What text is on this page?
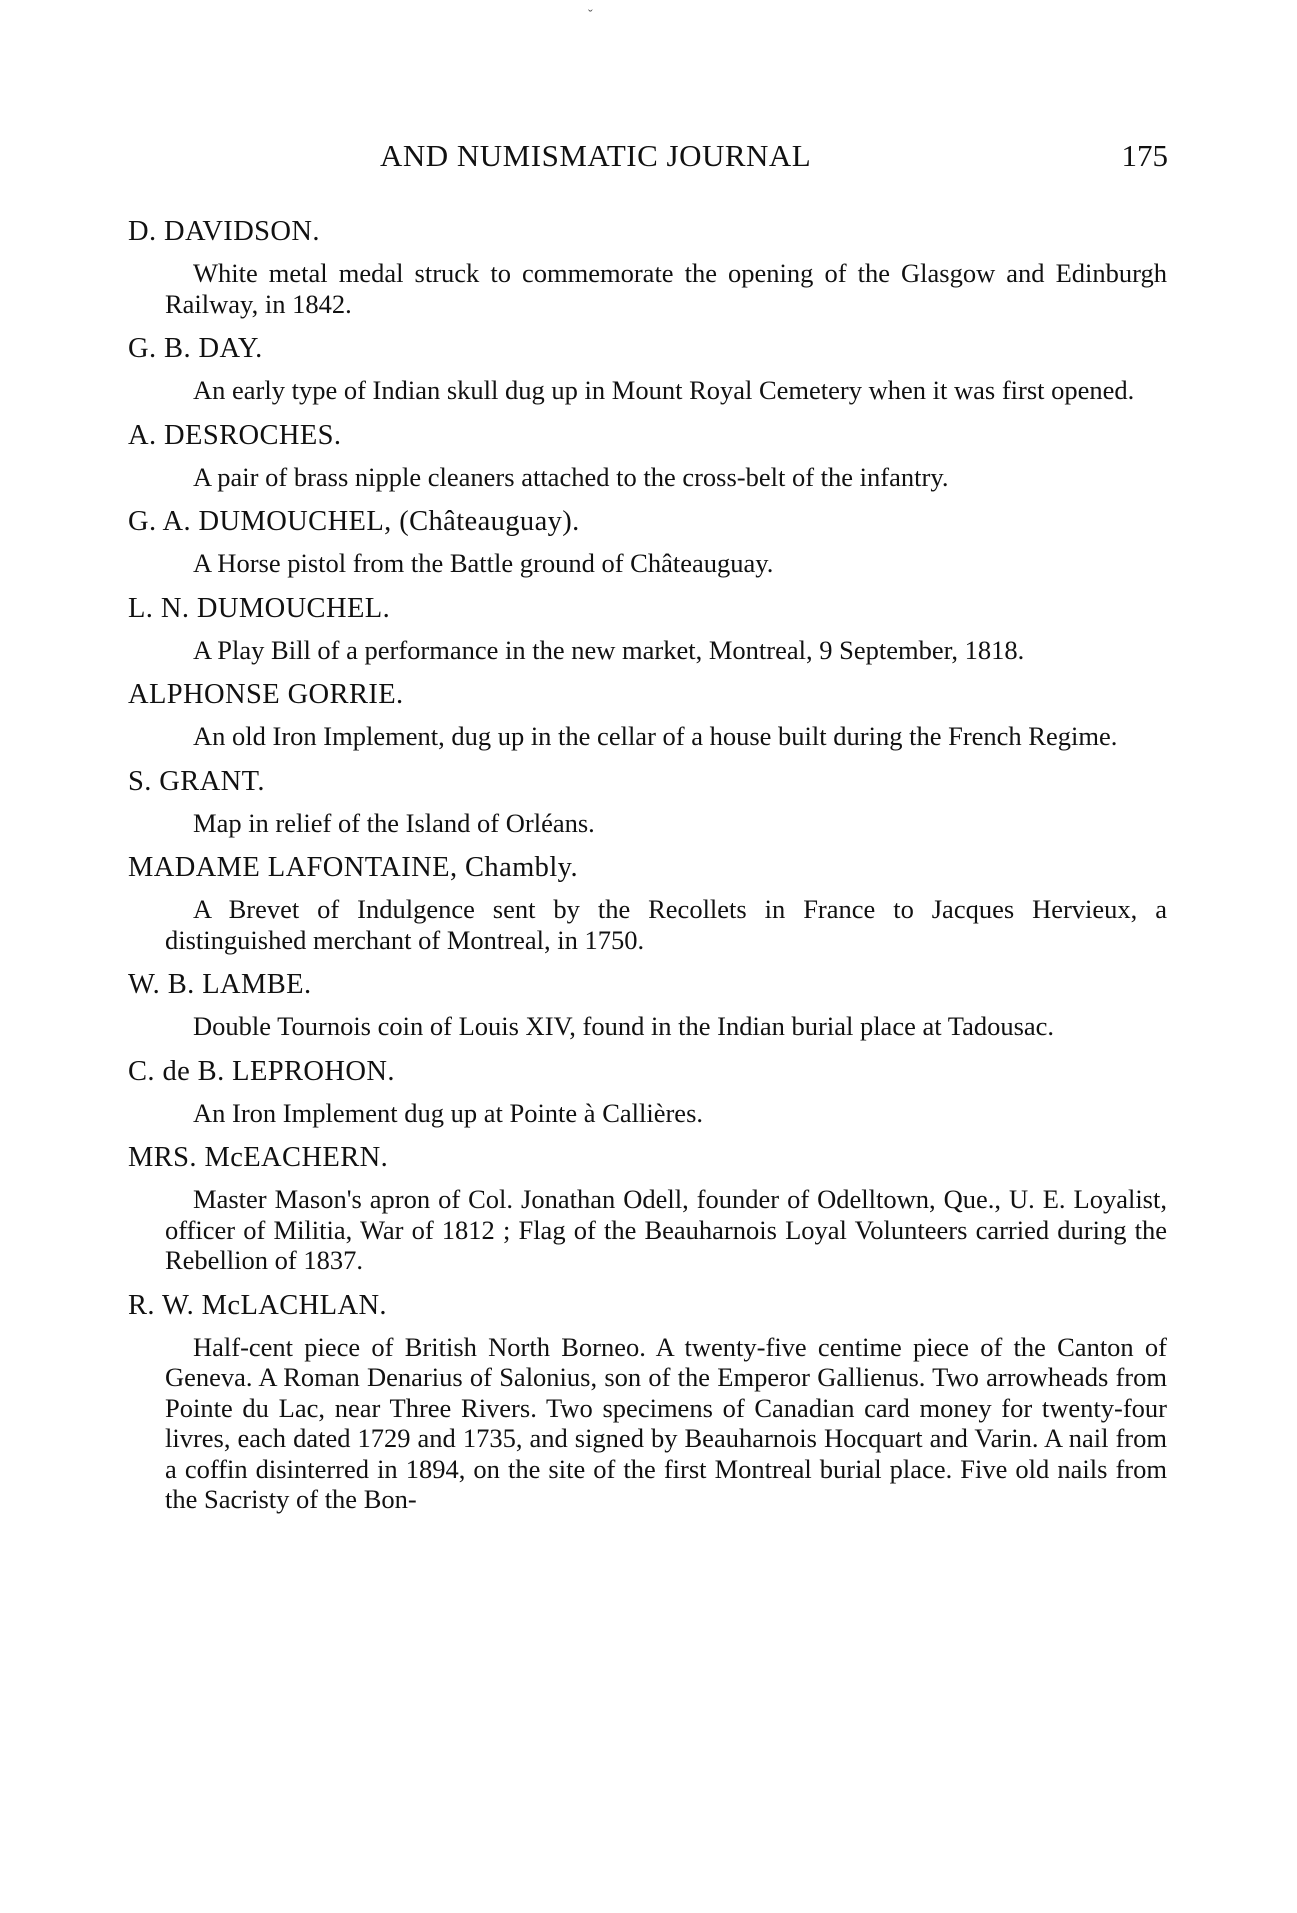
ˇ
AND NUMISMATIC JOURNAL	175
D. DAVIDSON.
White metal medal struck to commemorate the opening of the Glasgow and Edinburgh Railway, in 1842.
G. B. DAY.
An early type of Indian skull dug up in Mount Royal Cemetery when it was first opened.
A. DESROCHES.
A pair of brass nipple cleaners attached to the cross-belt of the infantry.
G. A. DUMOUCHEL, (Châteauguay).
A Horse pistol from the Battle ground of Châteauguay.
L. N. DUMOUCHEL.
A Play Bill of a performance in the new market, Montreal, 9 September, 1818.
ALPHONSE GORRIE.
An old Iron Implement, dug up in the cellar of a house built during the French Regime.
S. GRANT.
Map in relief of the Island of Orléans.
MADAME LAFONTAINE, Chambly.
A Brevet of Indulgence sent by the Recollets in France to Jacques Hervieux, a distinguished merchant of Montreal, in 1750.
W. B. LAMBE.
Double Tournois coin of Louis XIV, found in the Indian burial place at Tadousac.
C. de B. LEPROHON.
An Iron Implement dug up at Pointe à Callières.
MRS. McEACHERN.
Master Mason's apron of Col. Jonathan Odell, founder of Odelltown, Que., U. E. Loyalist, officer of Militia, War of 1812 ; Flag of the Beauharnois Loyal Volunteers carried during the Rebellion of 1837.
R. W. McLACHLAN.
Half-cent piece of British North Borneo. A twenty-five centime piece of the Canton of Geneva. A Roman Denarius of Salonius, son of the Emperor Gallienus. Two arrowheads from Pointe du Lac, near Three Rivers. Two specimens of Canadian card money for twenty-four livres, each dated 1729 and 1735, and signed by Beauharnois Hocquart and Varin. A nail from a coffin disinterred in 1894, on the site of the first Montreal burial place. Five old nails from the Sacristy of the Bon-
